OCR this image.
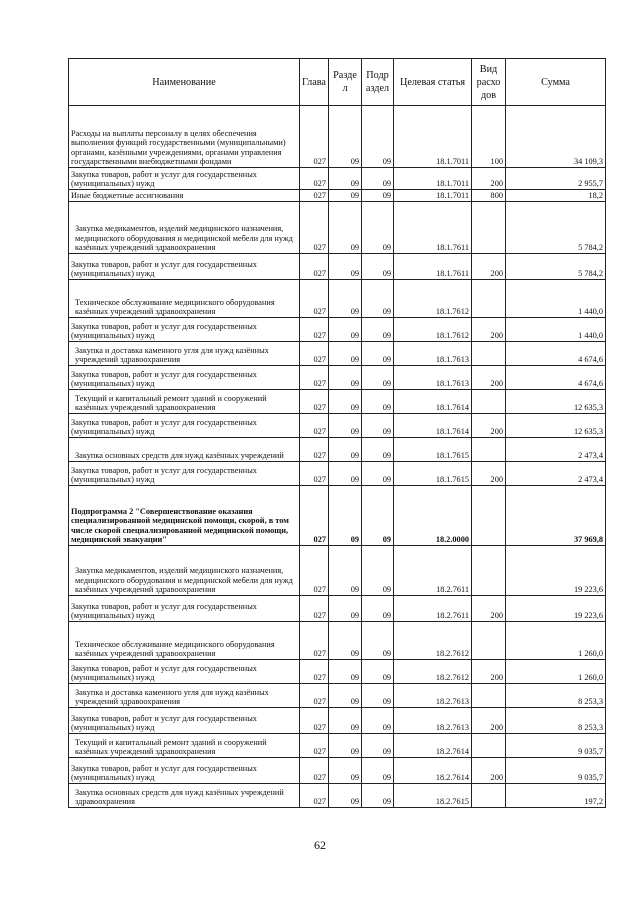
Наименование	Глава	Разде л	Подр аздел	Целевая статья	Вид расхо дов	Сумма
Расходы на выплаты персоналу в целях обеспечения выполнения функций государственными (муниципальными) органами, казёнными учреждениями, органами управления государственными внебюджетными фондами	027	09	09	18.1.7011	100	34 109,3
Закупка товаров, работ и услуг для государственных (муниципальных) нужд	027	09	09	18.1.7011	200	2 955,7
Иные бюджетные ассигнования	027	09	09	18.1.7011	800	18,2
Закупка медикаментов, изделий медицинского назначения, медицинского оборудования и медицинской мебели для нужд казённых учреждений здравоохранения	027	09	09	18.1.7611		5 784,2
Закупка товаров, работ и услуг для государственных (муниципальных) нужд	027	09	09	18.1.7611	200	5 784,2
Техническое обслуживание медицинского оборудования казённых учреждений здравоохранения	027	09	09	18.1.7612		1 440,0
Закупка товаров, работ и услуг для государственных (муниципальных) нужд	027	09	09	18.1.7612	200	1 440,0
Закупка и доставка каменного угля для нужд казённых учреждений здравоохранения	027	09	09	18.1.7613		4 674,6
Закупка товаров, работ и услуг для государственных (муниципальных) нужд	027	09	09	18.1.7613	200	4 674,6
Текущий и капитальный ремонт зданий и сооружений казённых учреждений здравоохранения	027	09	09	18.1.7614		12 635,3
Закупка товаров, работ и услуг для государственных (муниципальных) нужд	027	09	09	18.1.7614	200	12 635,3
Закупка основных средств для нужд казённых учреждений	027	09	09	18.1.7615		2 473,4
Закупка товаров, работ и услуг для государственных (муниципальных) нужд	027	09	09	18.1.7615	200	2 473,4
Подпрограмма 2 "Совершенствование оказания специализированной медицинской помощи, скорой, в том числе скорой специализированной медицинской помощи, медицинской эвакуации"	027	09	09	18.2.0000		37 969,8
Закупка медикаментов, изделий медицинского назначения, медицинского оборудования и медицинской мебели для нужд казённых учреждений здравоохранения	027	09	09	18.2.7611		19 223,6
Закупка товаров, работ и услуг для государственных (муниципальных) нужд	027	09	09	18.2.7611	200	19 223,6
Техническое обслуживание медицинского оборудования казённых учреждений здравоохранения	027	09	09	18.2.7612		1 260,0
Закупка товаров, работ и услуг для государственных (муниципальных) нужд	027	09	09	18.2.7612	200	1 260,0
Закупка и доставка каменного угля для нужд казённых учреждений здравоохранения	027	09	09	18.2.7613		8 253,3
Закупка товаров, работ и услуг для государственных (муниципальных) нужд	027	09	09	18.2.7613	200	8 253,3
Текущий и капитальный ремонт зданий и сооружений казённых учреждений здравоохранения	027	09	09	18.2.7614		9 035,7
Закупка товаров, работ и услуг для государственных (муниципальных) нужд	027	09	09	18.2.7614	200	9 035,7
Закупка основных средств для нужд казённых учреждений здравоохранения	027	09	09	18.2.7615		197,2
62
